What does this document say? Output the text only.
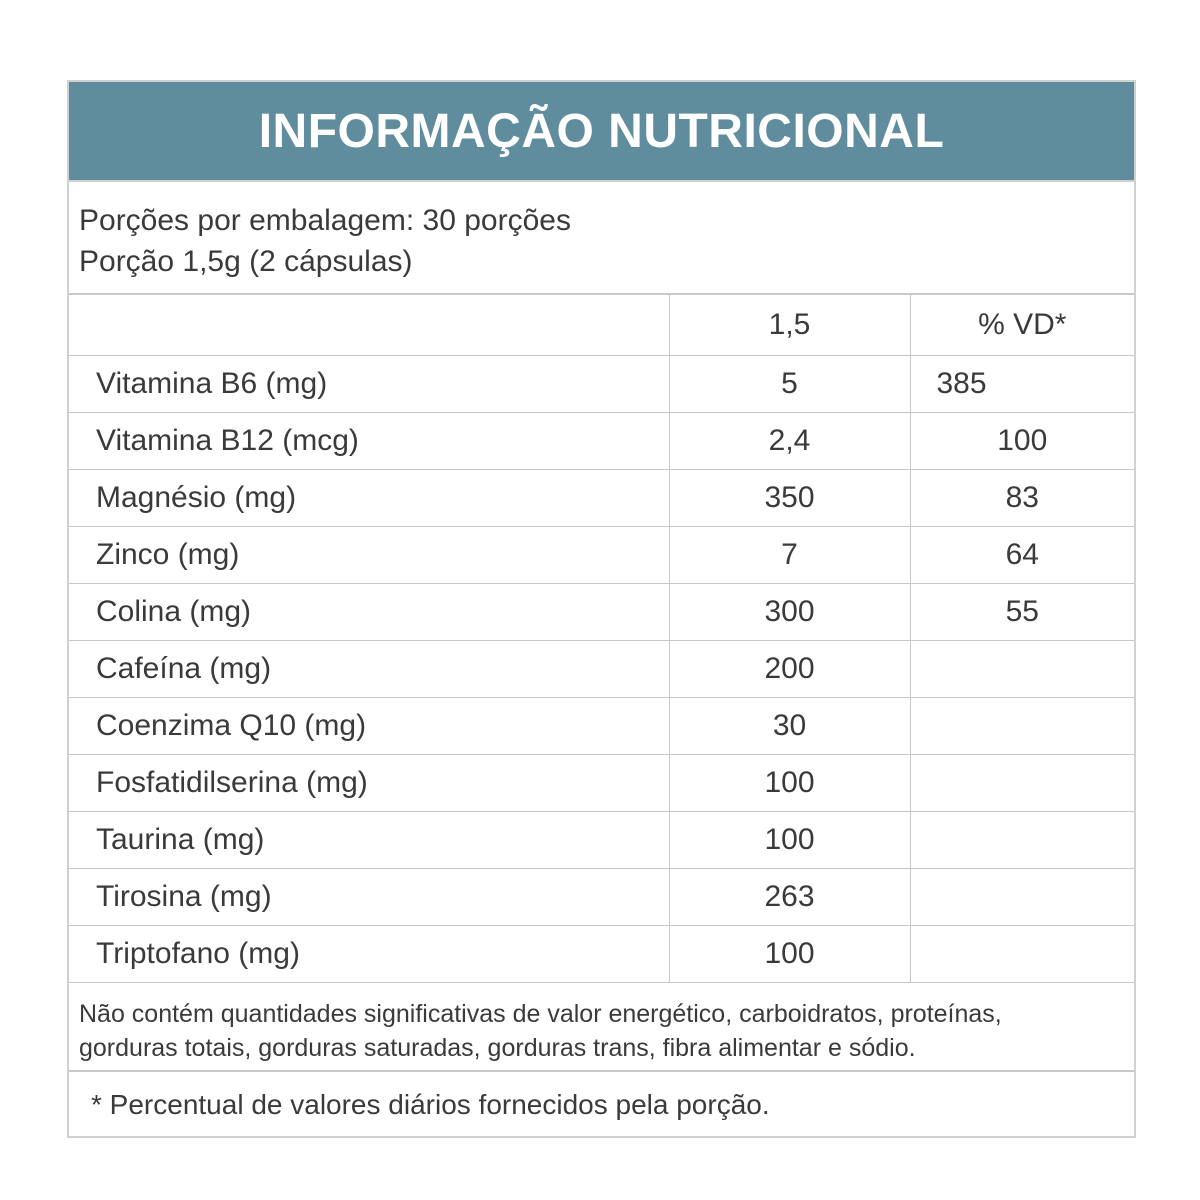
INFORMAÇÃO NUTRICIONAL
Porções por embalagem: 30 porções
Porção 1,5g (2 cápsulas)
	1,5	% VD*
Vitamina B6 (mg)	5	385
Vitamina B12 (mcg)	2,4	100
Magnésio (mg)	350	83
Zinco (mg)	7	64
Colina (mg)	300	55
Cafeína (mg)	200	
Coenzima Q10 (mg)	30	
Fosfatidilserina (mg)	100	
Taurina (mg)	100	
Tirosina (mg)	263	
Triptofano (mg)	100	
Não contém quantidades significativas de valor energético, carboidratos, proteínas,
gorduras totais, gorduras saturadas, gorduras trans, fibra alimentar e sódio.
* Percentual de valores diários fornecidos pela porção.
